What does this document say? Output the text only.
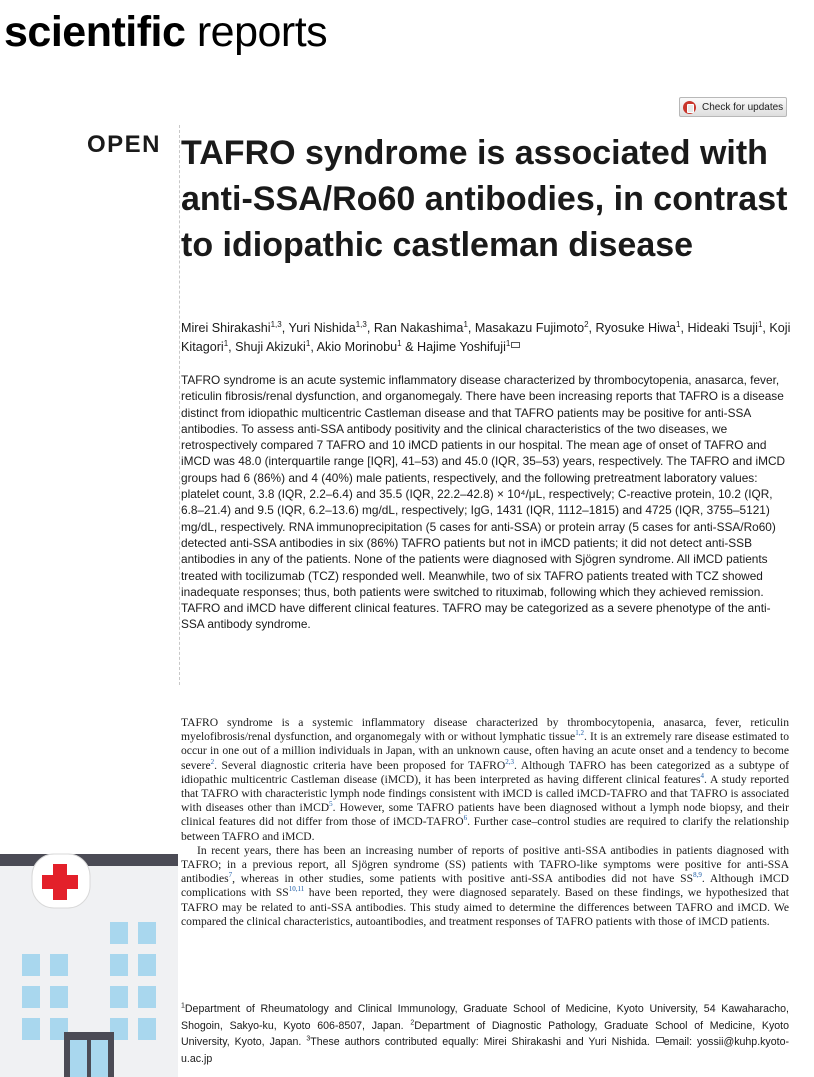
scientific reports
Check for updates
OPEN TAFRO syndrome is associated with anti-SSA/Ro60 antibodies, in contrast to idiopathic castleman disease

Mirei Shirakashi$^{1,3}$, Yuri Nishida$^{1,3}$, Ran Nakashima$^1$, Masakazu Fujimoto$^2$, Ryosuke Hiwa$^1$, Hideaki Tsuji$^1$, Koji Kitagori$^1$, Shuji Akizuki$^1$, Akio Morinobu$^1$ & Hajime Yoshifuji$^1$

TAFRO syndrome is an acute systemic inflammatory disease characterized by thrombocytopenia, anasarca, fever, reticulin fibrosis/renal dysfunction, and organomegaly. There have been increasing reports that TAFRO is a disease distinct from idiopathic multicentric Castleman disease and that TAFRO patients may be positive for anti-SSA antibodies. To assess anti-SSA antibody positivity and the clinical characteristics of the two diseases, we retrospectively compared 7 TAFRO and 10 iMCD patients in our hospital. The mean age of onset of TAFRO and iMCD was 48.0 (interquartile range [IQR], 41–53) and 45.0 (IQR, 35–53) years, respectively. The TAFRO and iMCD groups had 6 (86%) and 4 (40%) male patients, respectively, and the following pretreatment laboratory values: platelet count, 3.8 (IQR, 2.2–6.4) and 35.5 (IQR, 22.2–42.8) × 10⁴/μL, respectively; C-reactive protein, 10.2 (IQR, 6.8–21.4) and 9.5 (IQR, 6.2–13.6) mg/dL, respectively; IgG, 1431 (IQR, 1112–1815) and 4725 (IQR, 3755–5121) mg/dL, respectively. RNA immunoprecipitation (5 cases for anti-SSA) or protein array (5 cases for anti-SSA/Ro60) detected anti-SSA antibodies in six (86%) TAFRO patients but not in iMCD patients; it did not detect anti-SSB antibodies in any of the patients. None of the patients were diagnosed with Sjögren syndrome. All iMCD patients treated with tocilizumab (TCZ) responded well. Meanwhile, two of six TAFRO patients treated with TCZ showed inadequate responses; thus, both patients were switched to rituximab, following which they achieved remission. TAFRO and iMCD have different clinical features. TAFRO may be categorized as a severe phenotype of the anti-SSA antibody syndrome.

TAFRO syndrome is a systemic inflammatory disease characterized by thrombocytopenia, anasarca, fever, reticulin myelofibrosis/renal dysfunction, and organomegaly with or without lymphatic tissue$^{1,2}$. It is an extremely rare disease estimated to occur in one out of a million individuals in Japan, with an unknown cause, often having an acute onset and a tendency to become severe$^2$. Several diagnostic criteria have been proposed for TAFRO$^{2,3}$. Although TAFRO has been categorized as a subtype of idiopathic multicentric Castleman disease (iMCD), it has been interpreted as having different clinical features$^4$. A study reported that TAFRO with characteristic lymph node findings consistent with iMCD is called iMCD-TAFRO and that TAFRO is associated with diseases other than iMCD$^5$. However, some TAFRO patients have been diagnosed without a lymph node biopsy, and their clinical features did not differ from those of iMCD-TAFRO$^6$. Further case–control studies are required to clarify the relationship between TAFRO and iMCD.

In recent years, there has been an increasing number of reports of positive anti-SSA antibodies in patients diagnosed with TAFRO; in a previous report, all Sjögren syndrome (SS) patients with TAFRO-like symptoms were positive for anti-SSA antibodies$^7$, whereas in other studies, some patients with positive anti-SSA antibodies did not have SS$^{8,9}$. Although iMCD complications with SS$^{10,11}$ have been reported, they were diagnosed separately. Based on these findings, we hypothesized that TAFRO may be related to anti-SSA antibodies. This study aimed to determine the differences between TAFRO and iMCD. We compared the clinical characteristics, autoantibodies, and treatment responses of TAFRO patients with those of iMCD patients.

$^1$Department of Rheumatology and Clinical Immunology, Graduate School of Medicine, Kyoto University, 54 Kawaharacho, Shogoin, Sakyo-ku, Kyoto 606-8507, Japan. $^2$Department of Diagnostic Pathology, Graduate School of Medicine, Kyoto University, Kyoto, Japan. $^3$These authors contributed equally: Mirei Shirakashi and Yuri Nishida. email: yossii@kuhp.kyoto-u.ac.jp
